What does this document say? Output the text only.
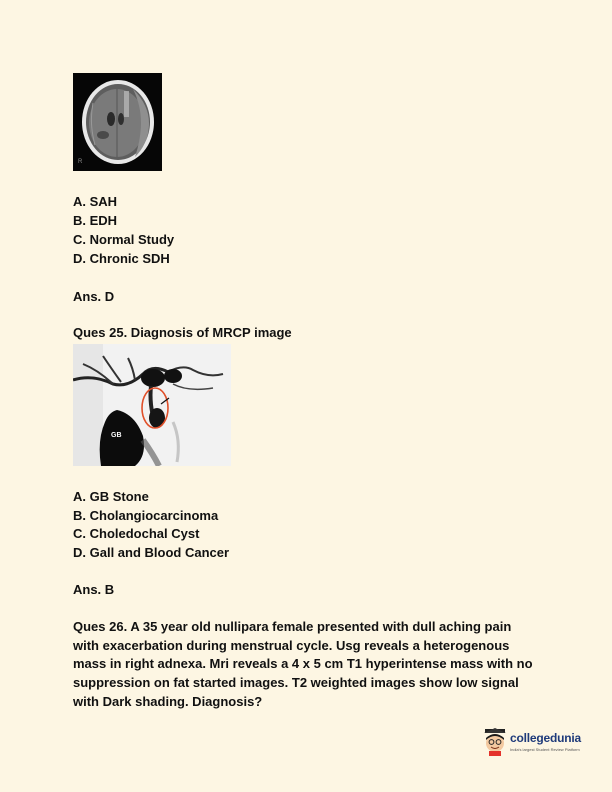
R
A. SAH
B. EDH
C. Normal Study
D. Chronic SDH
Ans. D
Ques 25. Diagnosis of MRCP image
GB
A. GB Stone
B. Cholangiocarcinoma
C. Choledochal Cyst
D. Gall and Blood Cancer
Ans. B
Ques 26. A 35 year old nullipara female presented with dull aching pain
with exacerbation during menstrual cycle. Usg reveals a heterogenous
mass in right adnexa. Mri reveals a 4 x 5 cm T1 hyperintense mass with no
suppression on fat started images. T2 weighted images show low signal
with Dark shading. Diagnosis?
collegedunia
India's largest Student Review Platform
